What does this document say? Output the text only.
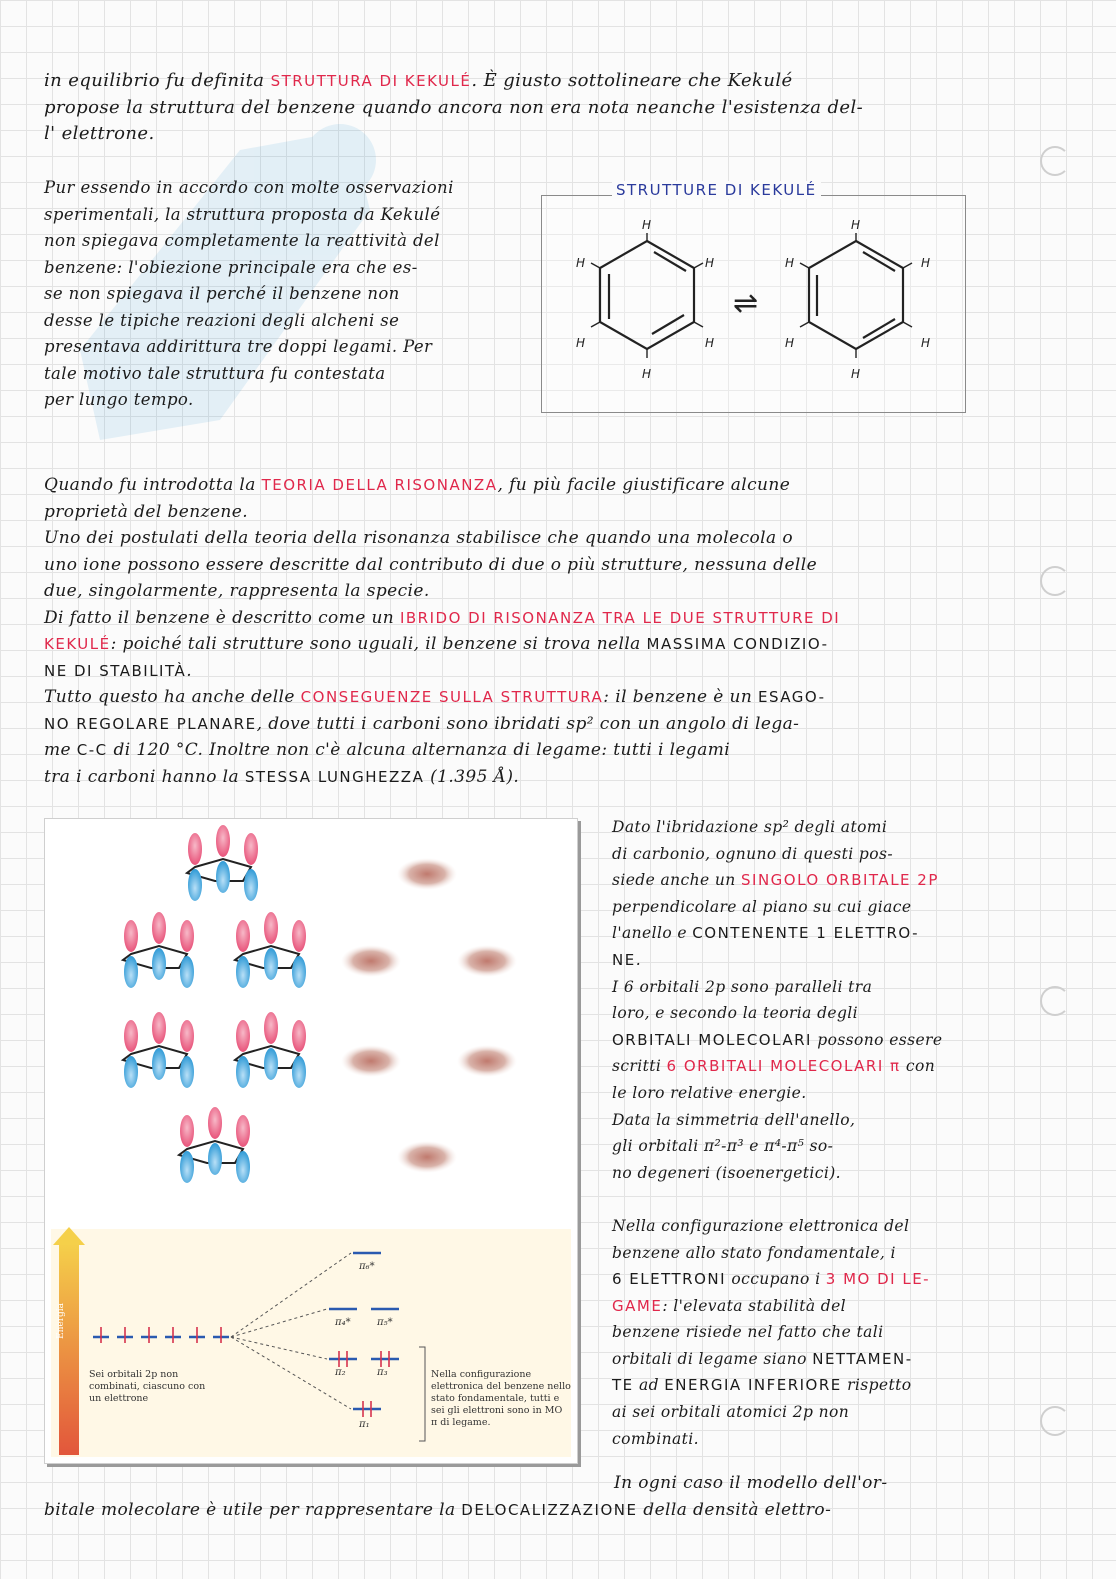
in equilibrio fu definita STRUTTURA DI KEKULÉ. È giusto sottolineare che Kekulé

propose la struttura del benzene quando ancora non era nota neanche l'esistenza del-

l' elettrone.

Pur essendo in accordo con molte osservazioni

sperimentali, la struttura proposta da Kekulé

non spiegava completamente la reattività del

benzene: l'obiezione principale era che es-

se non spiegava il perché il benzene non

desse le tipiche reazioni degli alcheni se

presentava addirittura tre doppi legami. Per

tale motivo tale struttura fu contestata

per lungo tempo.

STRUTTURE DI KEKULÉ
H
H
H
H
H
H
H
H
H
H
H
H
⇌

Quando fu introdotta la TEORIA DELLA RISONANZA, fu più facile giustificare alcune

proprietà del benzene.

Uno dei postulati della teoria della risonanza stabilisce che quando una molecola o

uno ione possono essere descritte dal contributo di due o più strutture, nessuna delle

due, singolarmente, rappresenta la specie.

Di fatto il benzene è descritto come un IBRIDO DI RISONANZA TRA LE DUE STRUTTURE DI

KEKULÉ: poiché tali strutture sono uguali, il benzene si trova nella MASSIMA CONDIZIO-

NE DI STABILITÀ.

Tutto questo ha anche delle CONSEGUENZE SULLA STRUTTURA: il benzene è un ESAGO-

NO REGOLARE PLANARE, dove tutti i carboni sono ibridati sp² con un angolo di lega-

me C-C di 120 °C. Inoltre non c'è alcuna alternanza di legame: tutti i legami

tra i carboni hanno la STESSA LUNGHEZZA (1.395 Å).

Energia
π₆*
π₄*	π₅*
π₂	π₃
π₁
Sei orbitali 2p non combinati, ciascuno con un elettrone
Nella configurazione elettronica del benzene nello stato fondamentale, tutti e sei gli elettroni sono in MO π di legame.

Dato l'ibridazione sp² degli atomi

di carbonio, ognuno di questi pos-

siede anche un SINGOLO ORBITALE 2P

perpendicolare al piano su cui giace

l'anello e CONTENENTE 1 ELETTRO-

NE.

I 6 orbitali 2p sono paralleli tra

loro, e secondo la teoria degli

ORBITALI MOLECOLARI possono essere

scritti 6 ORBITALI MOLECOLARI π con

le loro relative energie.

Data la simmetria dell'anello,

gli orbitali π²-π³ e π⁴-π⁵ so-

no degeneri (isoenergetici).

Nella configurazione elettronica del

benzene allo stato fondamentale, i

6 ELETTRONI occupano i 3 MO DI LE-

GAME: l'elevata stabilità del

benzene risiede nel fatto che tali

orbitali di legame siano NETTAMEN-

TE ad ENERGIA INFERIORE rispetto

ai sei orbitali atomici 2p non

combinati.

In ogni caso il modello dell'or-

bitale molecolare è utile per rappresentare la DELOCALIZZAZIONE della densità elettro-
